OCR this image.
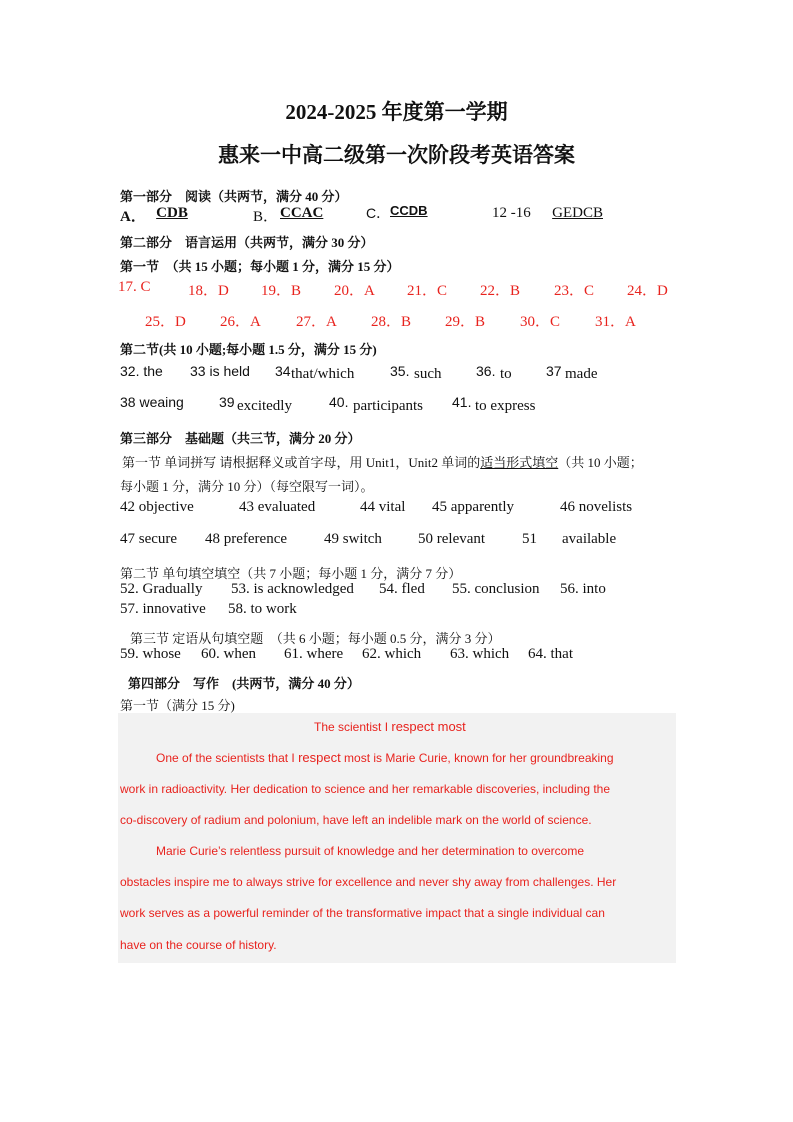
2024-2025 年度第一学期
惠来一中高二级第一次阶段考英语答案
第一部分　阅读（共两节，满分 40 分）
A． CDB	B． CCAC	C． CCDB	12 -16	GEDCB
第二部分　语言运用（共两节，满分 30 分）
第一节　（共 15 小题；每小题 1 分，满分 15 分）
17. C 18．D 19．B 20．A 21．C 22．B 23．C 24．D
25．D 26．A 27．A 28．B 29．B 30．C 31．A
第二节(共 10 小题;每小题 1.5 分，满分 15 分)
32. the 33 is held 34 that/which	35. such 36. to 37 made
38 weaing	39 excitedly	40. participants 41. to express
第三部分　基础题（共三节，满分 20 分）
第一节 单词拼写 请根据释义或首字母，用 Unit1，Unit2 单词的适当形式填空（共 10 小题；
每小题 1 分，满分 10 分）（每空限写一词）。
42 objective	43 evaluated	44 vital 45 apparently	46 novelists
47 secure 48 preference 49 switch 50 relevant 51 available
第二节 单句填空填空（共 7 小题；每小题 1 分，满分 7 分）
52. Gradually 53. is acknowledged 54. fled 55. conclusion 56. into
57. innovative 58. to work
第三节 定语从句填空题　（共 6 小题；每小题 0.5 分，满分 3 分）
59. whose 60. when 61. where 62. which 63. which 64. that
第四部分　写作　(共两节，满分 40 分）
第一节（满分 15 分)
The scientist I respect most
One of the scientists that I respect most is Marie Curie, known for her groundbreaking
work in radioactivity. Her dedication to science and her remarkable discoveries, including the
co-discovery of radium and polonium, have left an indelible mark on the world of science.
Marie Curie’s relentless pursuit of knowledge and her determination to overcome
obstacles inspire me to always strive for excellence and never shy away from challenges. Her
work serves as a powerful reminder of the transformative impact that a single individual can
have on the course of history.
